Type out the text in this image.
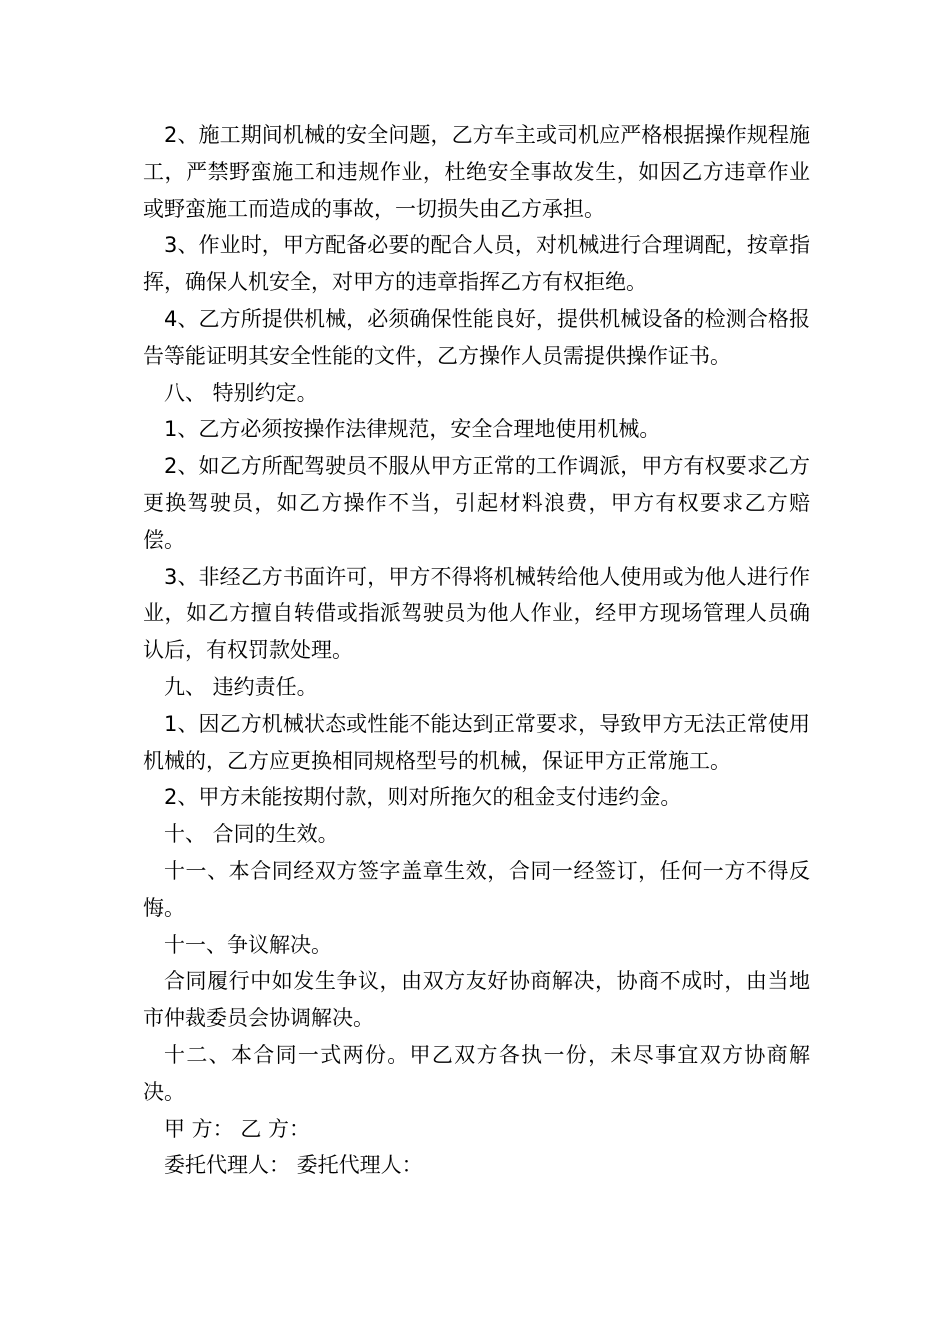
2、施工期间机械的安全问题，乙方车主或司机应严格根据操作规程施工，严禁野蛮施工和违规作业，杜绝安全事故发生，如因乙方违章作业或野蛮施工而造成的事故，一切损失由乙方承担。

3、作业时，甲方配备必要的配合人员，对机械进行合理调配，按章指挥，确保人机安全，对甲方的违章指挥乙方有权拒绝。

4、乙方所提供机械，必须确保性能良好，提供机械设备的检测合格报告等能证明其安全性能的文件，乙方操作人员需提供操作证书。

八、 特别约定。

1、乙方必须按操作法律规范，安全合理地使用机械。

2、如乙方所配驾驶员不服从甲方正常的工作调派，甲方有权要求乙方更换驾驶员，如乙方操作不当，引起材料浪费，甲方有权要求乙方赔偿。

3、非经乙方书面许可，甲方不得将机械转给他人使用或为他人进行作业，如乙方擅自转借或指派驾驶员为他人作业，经甲方现场管理人员确认后，有权罚款处理。

九、 违约责任。

1、因乙方机械状态或性能不能达到正常要求，导致甲方无法正常使用机械的，乙方应更换相同规格型号的机械，保证甲方正常施工。

2、甲方未能按期付款，则对所拖欠的租金支付违约金。

十、 合同的生效。

十一、本合同经双方签字盖章生效，合同一经签订，任何一方不得反悔。

十一、争议解决。

合同履行中如发生争议，由双方友好协商解决，协商不成时，由当地市仲裁委员会协调解决。

十二、本合同一式两份。甲乙双方各执一份，未尽事宜双方协商解决。

甲 方： 乙 方：

委托代理人： 委托代理人：
